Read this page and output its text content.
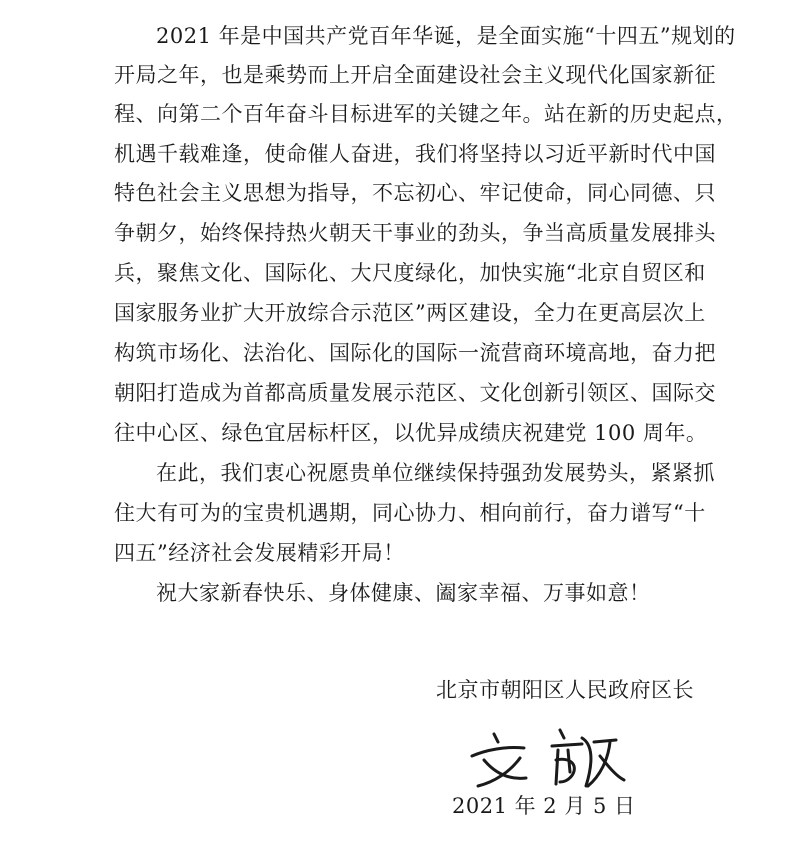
2021 年是中国共产党百年华诞，是全面实施“十四五”规划的
开局之年，也是乘势而上开启全面建设社会主义现代化国家新征
程、向第二个百年奋斗目标进军的关键之年。站在新的历史起点，
机遇千载难逢，使命催人奋进，我们将坚持以习近平新时代中国
特色社会主义思想为指导，不忘初心、牢记使命，同心同德、只
争朝夕，始终保持热火朝天干事业的劲头，争当高质量发展排头
兵，聚焦文化、国际化、大尺度绿化，加快实施“北京自贸区和
国家服务业扩大开放综合示范区”两区建设，全力在更高层次上
构筑市场化、法治化、国际化的国际一流营商环境高地，奋力把
朝阳打造成为首都高质量发展示范区、文化创新引领区、国际交
往中心区、绿色宜居标杆区，以优异成绩庆祝建党 100 周年。
在此，我们衷心祝愿贵单位继续保持强劲发展势头，紧紧抓
住大有可为的宝贵机遇期，同心协力、相向前行，奋力谱写“十
四五”经济社会发展精彩开局！
祝大家新春快乐、身体健康、阖家幸福、万事如意！
北京市朝阳区人民政府区长
2021 年 2 月 5 日
